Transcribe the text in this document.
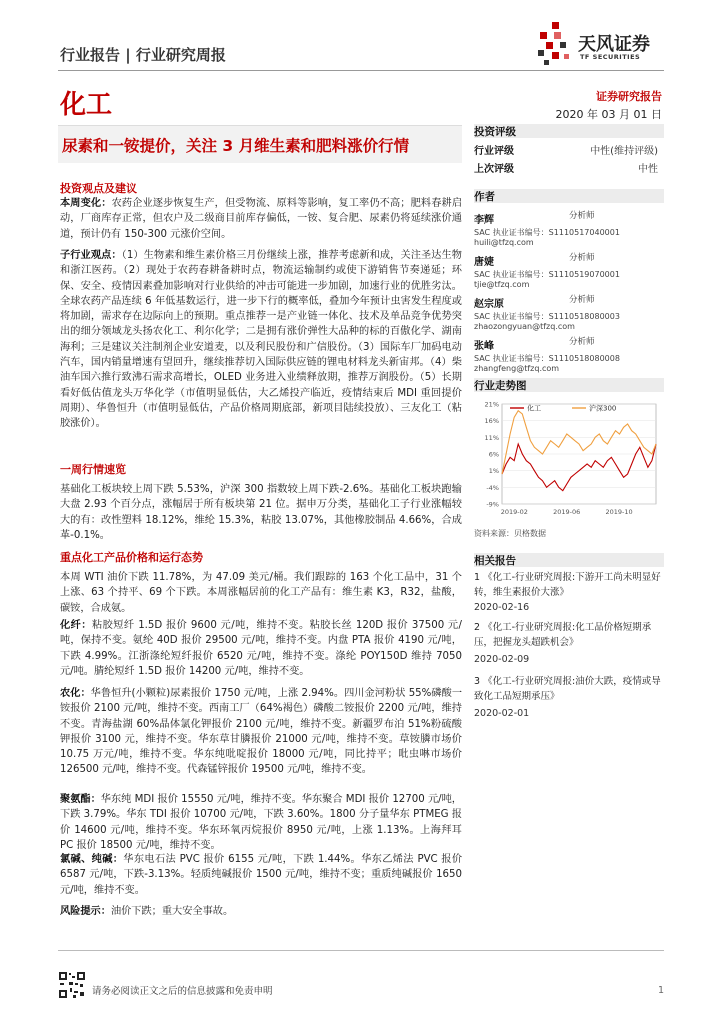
行业报告 | 行业研究周报	天风证券
TF SECURITIES
化工	证券研究报告
2020 年 03 月 01 日
尿素和一铵提价，关注 3 月维生素和肥料涨价行情
投资观点及建议

本周变化：农药企业逐步恢复生产，但受物流、原料等影响，复工率仍不高；肥料春耕启动，厂商库存正常，但农户及二级商目前库存偏低，一铵、复合肥、尿素仍将延续涨价通道，预计仍有 150-300 元涨价空间。

子行业观点：（1）生物素和维生素价格三月份继续上涨，推荐考虑新和成，关注圣达生物和浙江医药。（2）现处于农药春耕备耕时点，物流运输制约或使下游销售节奏递延；环保、安全、疫情因素叠加影响对行业供给的冲击可能进一步加剧，加速行业的优胜劣汰。全球农药产品连续 6 年低基数运行，进一步下行的概率低，叠加今年预计虫害发生程度或将加剧，需求存在边际向上的预期。重点推荐一是产业链一体化、技术及单品竞争优势突出的细分领域龙头扬农化工、利尔化学；二是拥有涨价弹性大品种的标的百傲化学、湖南海利；三是建议关注制剂企业安道麦，以及利民股份和广信股份。（3）国际车厂加码电动汽车，国内销量增速有望回升，继续推荐切入国际供应链的锂电材料龙头新宙邦。（4）柴油车国六推行致沸石需求高增长，OLED 业务进入业绩释放期，推荐万润股份。（5）长期看好低估值龙头万华化学（市值明显低估，大乙烯投产临近，疫情结束后 MDI 重回提价周期）、华鲁恒升（市值明显低估，产品价格周期底部，新项目陆续投放）、三友化工（粘胶涨价）。

一周行情速览

基础化工板块较上周下跌 5.53%，沪深 300 指数较上周下跌-2.6%。基础化工板块跑输大盘 2.93 个百分点，涨幅居于所有板块第 21 位。据申万分类，基础化工子行业涨幅较大的有：改性塑料 18.12%，维纶 15.3%，粘胶 13.07%，其他橡胶制品 4.66%，合成革-0.1%。

重点化工产品价格和运行态势

本周 WTI 油价下跌 11.78%，为 47.09 美元/桶。我们跟踪的 163 个化工品中，31 个上涨、63 个持平、69 个下跌。本周涨幅居前的化工产品有：维生素 K3，R32，盐酸，碳铵，合成氨。

化纤：粘胶短纤 1.5D 报价 9600 元/吨，维持不变。粘胶长丝 120D 报价 37500 元/吨，保持不变。氨纶 40D 报价 29500 元/吨，维持不变。内盘 PTA 报价 4190 元/吨，下跌 4.99%。江浙涤纶短纤报价 6520 元/吨，维持不变。涤纶 POY150D 维持 7050 元/吨。腈纶短纤 1.5D 报价 14200 元/吨，维持不变。

农化：华鲁恒升(小颗粒)尿素报价 1750 元/吨，上涨 2.94%。四川金河粉状 55%磷酸一铵报价 2100 元/吨，维持不变。西南工厂（64%褐色）磷酸二铵报价 2200 元/吨，维持不变。青海盐湖 60%晶体氯化钾报价 2100 元/吨，维持不变。新疆罗布泊 51%粉硫酸钾报价 3100 元，维持不变。华东草甘膦报价 21000 元/吨，维持不变。草铵膦市场价 10.75 万元/吨，维持不变。华东纯吡啶报价 18000 元/吨，同比持平；吡虫啉市场价 126500 元/吨，维持不变。代森锰锌报价 19500 元/吨，维持不变。

聚氨酯：华东纯 MDI 报价 15550 元/吨，维持不变。华东聚合 MDI 报价 12700 元/吨，下跌 3.79%。华东 TDI 报价 10700 元/吨，下跌 3.60%。1800 分子量华东 PTMEG 报价 14600 元/吨，维持不变。华东环氧丙烷报价 8950 元/吨，上涨 1.13%。上海拜耳 PC 报价 18500 元/吨，维持不变。

氯碱、纯碱：华东电石法 PVC 报价 6155 元/吨，下跌 1.44%。华东乙烯法 PVC 报价 6587 元/吨，下跌-3.13%。轻质纯碱报价 1500 元/吨，维持不变；重质纯碱报价 1650 元/吨，维持不变。

风险提示：油价下跌；重大安全事故。

投资评级
行业评级	中性(维持评级)
上次评级	中性
作者
李辉	分析师
SAC 执业证书编号：S1110517040001
huili@tfzq.com
唐婕	分析师
SAC 执业证书编号：S1110519070001
tjie@tfzq.com
赵宗原	分析师
SAC 执业证书编号：S1110518080003
zhaozongyuan@tfzq.com
张峰	分析师
SAC 执业证书编号：S1110518080008
zhangfeng@tfzq.com
行业走势图
21%
16%
11%
6%
1%
-4%
-9%
2019-02	2019-06	2019-10
化工	沪深300
资料来源：贝格数据
相关报告
1 《化工-行业研究周报:下游开工尚未明显好转，维生素报价大涨》
2020-02-16
2 《化工-行业研究周报:化工品价格短期承压，把握龙头超跌机会》
2020-02-09
3 《化工-行业研究周报:油价大跌，疫情或导致化工品短期承压》
2020-02-01
请务必阅读正文之后的信息披露和免责申明	1
